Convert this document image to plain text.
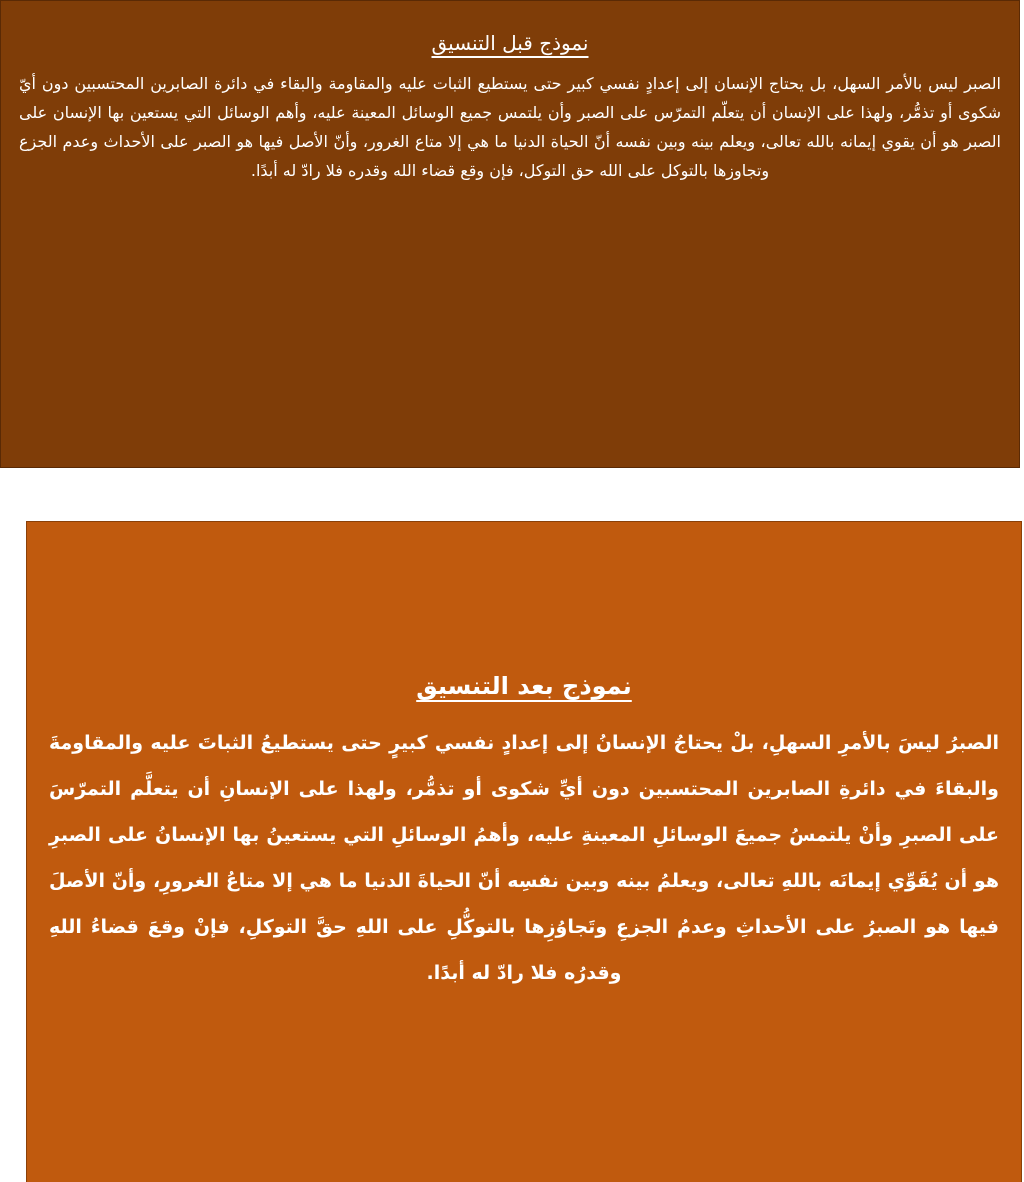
نموذج قبل التنسيق

الصبر ليس بالأمر السهل، بل يحتاج الإنسان إلى إعدادٍ نفسي كبير حتى يستطيع الثبات عليه والمقاومة والبقاء في دائرة الصابرين المحتسبين دون أيّ شكوى أو تذمُّر، ولهذا على الإنسان أن يتعلّم التمرّس على الصبر وأن يلتمس جميع الوسائل المعينة عليه، وأهم الوسائل التي يستعين بها الإنسان على الصبر هو أن يقوي إيمانه بالله تعالى، ويعلم بينه وبين نفسه أنّ الحياة الدنيا ما هي إلا متاع الغرور، وأنّ الأصل فيها هو الصبر على الأحداث وعدم الجزع وتجاوزها بالتوكل على الله حق التوكل، فإن وقع قضاء الله وقدره فلا رادّ له أبدًا.

نموذج بعد التنسيق

الصبرُ ليسَ بالأمرِ السهلِ، بلْ يحتاجُ الإنسانُ إلى إعدادٍ نفسي كبيرٍ حتى يستطيعُ الثباتَ عليه والمقاومةَ والبقاءَ في دائرةِ الصابرين المحتسبين دون أيِّ شكوى أو تذمُّر، ولهذا على الإنسانِ أن يتعلَّم التمرّسَ على الصبرِ وأنْ يلتمسُ جميعَ الوسائلِ المعينةِ عليه، وأهمُ الوسائلِ التي يستعينُ بها الإنسانُ على الصبرِ هو أن يُقَوِّي إيمانَه باللهِ تعالى، ويعلمُ بينه وبين نفسِه أنّ الحياةَ الدنيا ما هي إلا متاعُ الغرورِ، وأنّ الأصلَ فيها هو الصبرُ على الأحداثِ وعدمُ الجزعِ وتَجاوُزِها بالتوكُّلِ على اللهِ حقَّ التوكلِ، فإنْ وقعَ قضاءُ اللهِ وقدرُه فلا رادّ له أبدًا.
